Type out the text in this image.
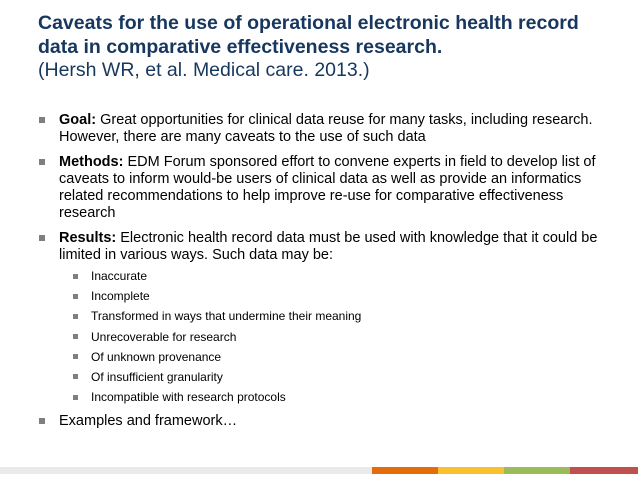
Caveats for the use of operational electronic health record data in comparative effectiveness research.
(Hersh WR, et al. Medical care. 2013.)
Goal: Great opportunities for clinical data reuse for many tasks, including research. However, there are many caveats to the use of such data
Methods: EDM Forum sponsored effort to convene experts in field to develop list of caveats to inform would-be users of clinical data as well as provide an informatics related recommendations to help improve re-use for comparative effectiveness research
Results: Electronic health record data must be used with knowledge that it could be limited in various ways. Such data may be:
Inaccurate
Incomplete
Transformed in ways that undermine their meaning
Unrecoverable for research
Of unknown provenance
Of insufficient granularity
Incompatible with research protocols
Examples and framework…
